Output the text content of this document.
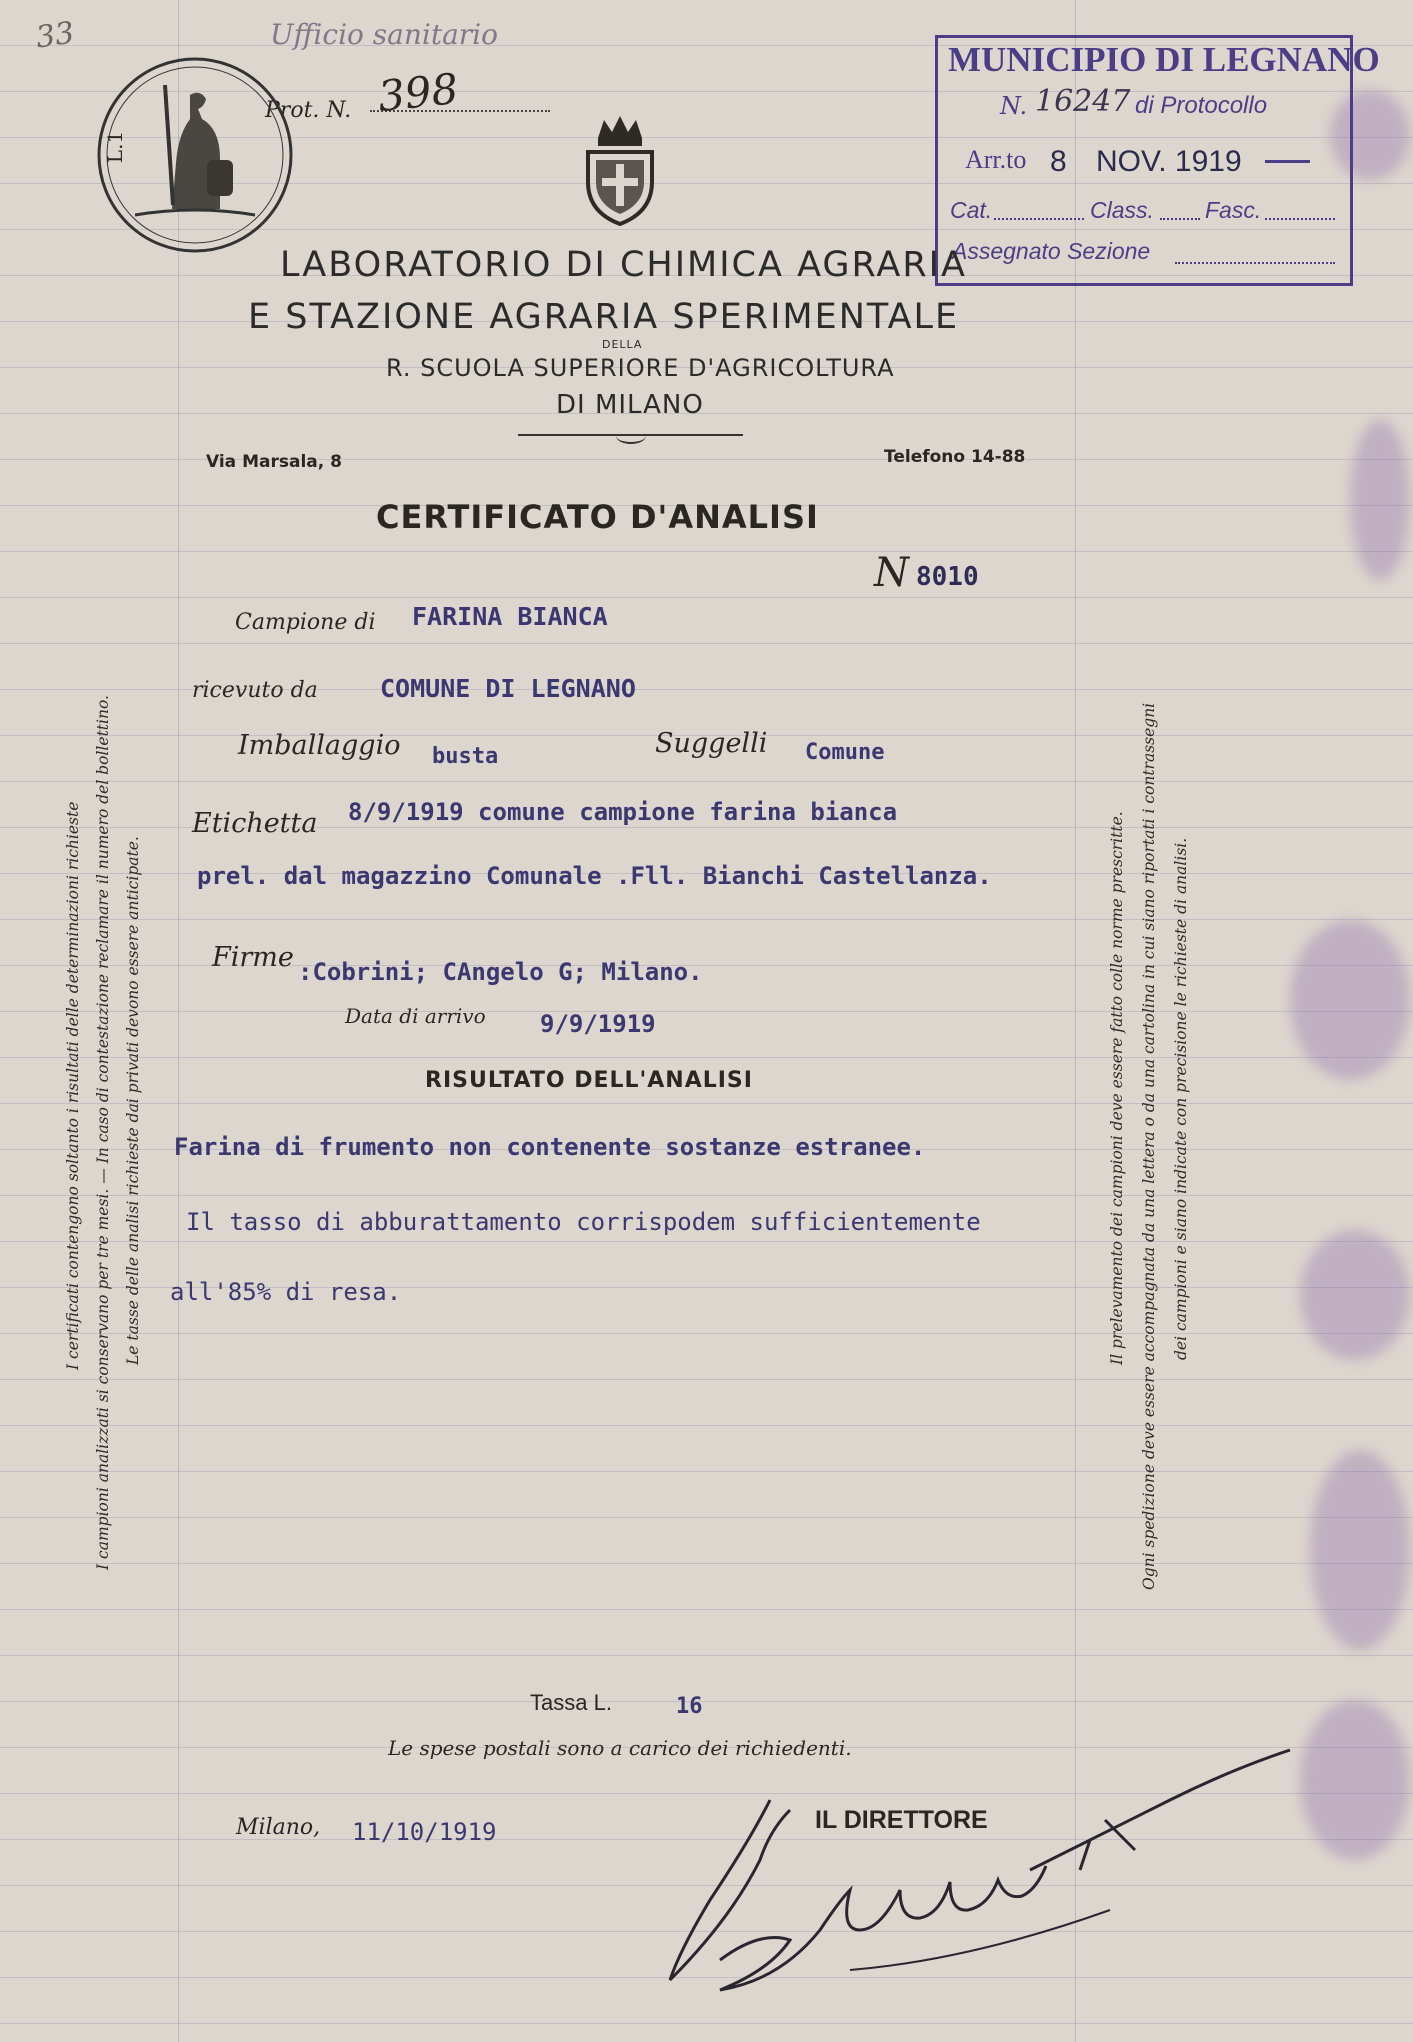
33	Ufficio sanitario
Prot. N. 398
L.1
MUNICIPIO DI LEGNANO
N. 16247 di Protocollo
Arr.to 8 NOV. 1919
Cat.	Class. Fasc.
Assegnato Sezione
LABORATORIO DI CHIMICA AGRARIA
E STAZIONE AGRARIA SPERIMENTALE
DELLA
R. SCUOLA SUPERIORE D'AGRICOLTURA
DI MILANO
Via Marsala, 8	Telefono 14-88
CERTIFICATO D'ANALISI
N 8010
Campione di FARINA BIANCA
ricevuto da COMUNE DI LEGNANO
Imballaggio busta	Suggelli Comune
Etichetta 8/9/1919 comune campione farina bianca
prel. dal magazzino Comunale .Fll. Bianchi Castellanza.
Firme :Cobrini; CAngelo G; Milano.
Data di arrivo 9/9/1919
RISULTATO DELL'ANALISI
Farina di frumento non contenente sostanze estranee.
Il tasso di abburattamento corrispodem sufficientemente
all'85% di resa.
Tassa L.	16
Le spese postali sono a carico dei richiedenti.
Milano, 11/10/1919	IL DIRETTORE
I certificati contengono soltanto i risultati delle determinazioni richieste I campioni analizzati si conservano per tre mesi. — In caso di contestazione reclamare il numero del bollettino. Le tasse delle analisi richieste dai privati devono essere anticipate.	Il prelevamento dei campioni deve essere fatto colle norme prescritte. Ogni spedizione deve essere accompagnata da una lettera o da una cartolina in cui siano riportati i contrassegni dei campioni e siano indicate con precisione le richieste di analisi.
